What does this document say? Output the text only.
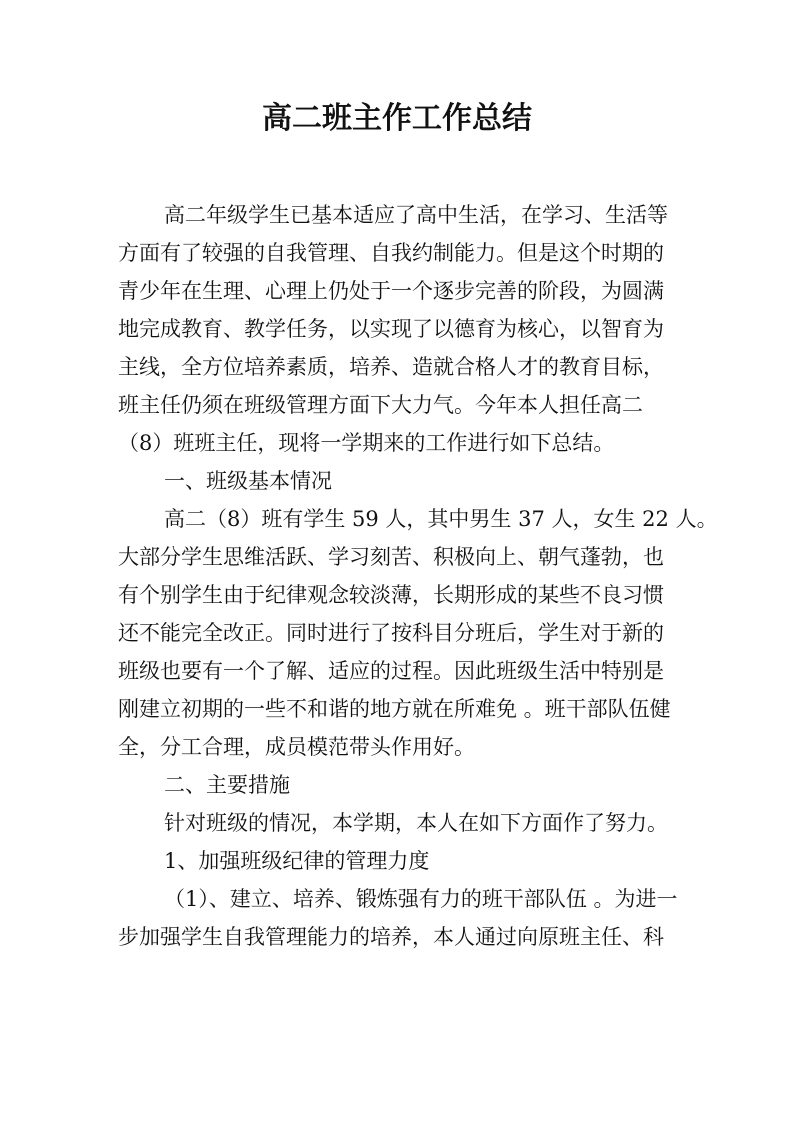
高二班主作工作总结
高二年级学生已基本适应了高中生活，在学习、生活等
方面有了较强的自我管理、自我约制能力。但是这个时期的
青少年在生理、心理上仍处于一个逐步完善的阶段，为圆满
地完成教育、教学任务，以实现了以德育为核心，以智育为
主线，全方位培养素质，培养、造就合格人才的教育目标，
班主任仍须在班级管理方面下大力气。今年本人担任高二
（8）班班主任，现将一学期来的工作进行如下总结。
一、班级基本情况
高二（8）班有学生 59 人，其中男生 37 人，女生 22 人。
大部分学生思维活跃、学习刻苦、积极向上、朝气蓬勃，也
有个别学生由于纪律观念较淡薄，长期形成的某些不良习惯
还不能完全改正。同时进行了按科目分班后，学生对于新的
班级也要有一个了解、适应的过程。因此班级生活中特别是
刚建立初期的一些不和谐的地方就在所难免 。班干部队伍健
全，分工合理，成员模范带头作用好。
二、主要措施
针对班级的情况，本学期，本人在如下方面作了努力。
1、加强班级纪律的管理力度
（1）、建立、培养、锻炼强有力的班干部队伍 。为进一
步加强学生自我管理能力的培养，本人通过向原班主任、科
